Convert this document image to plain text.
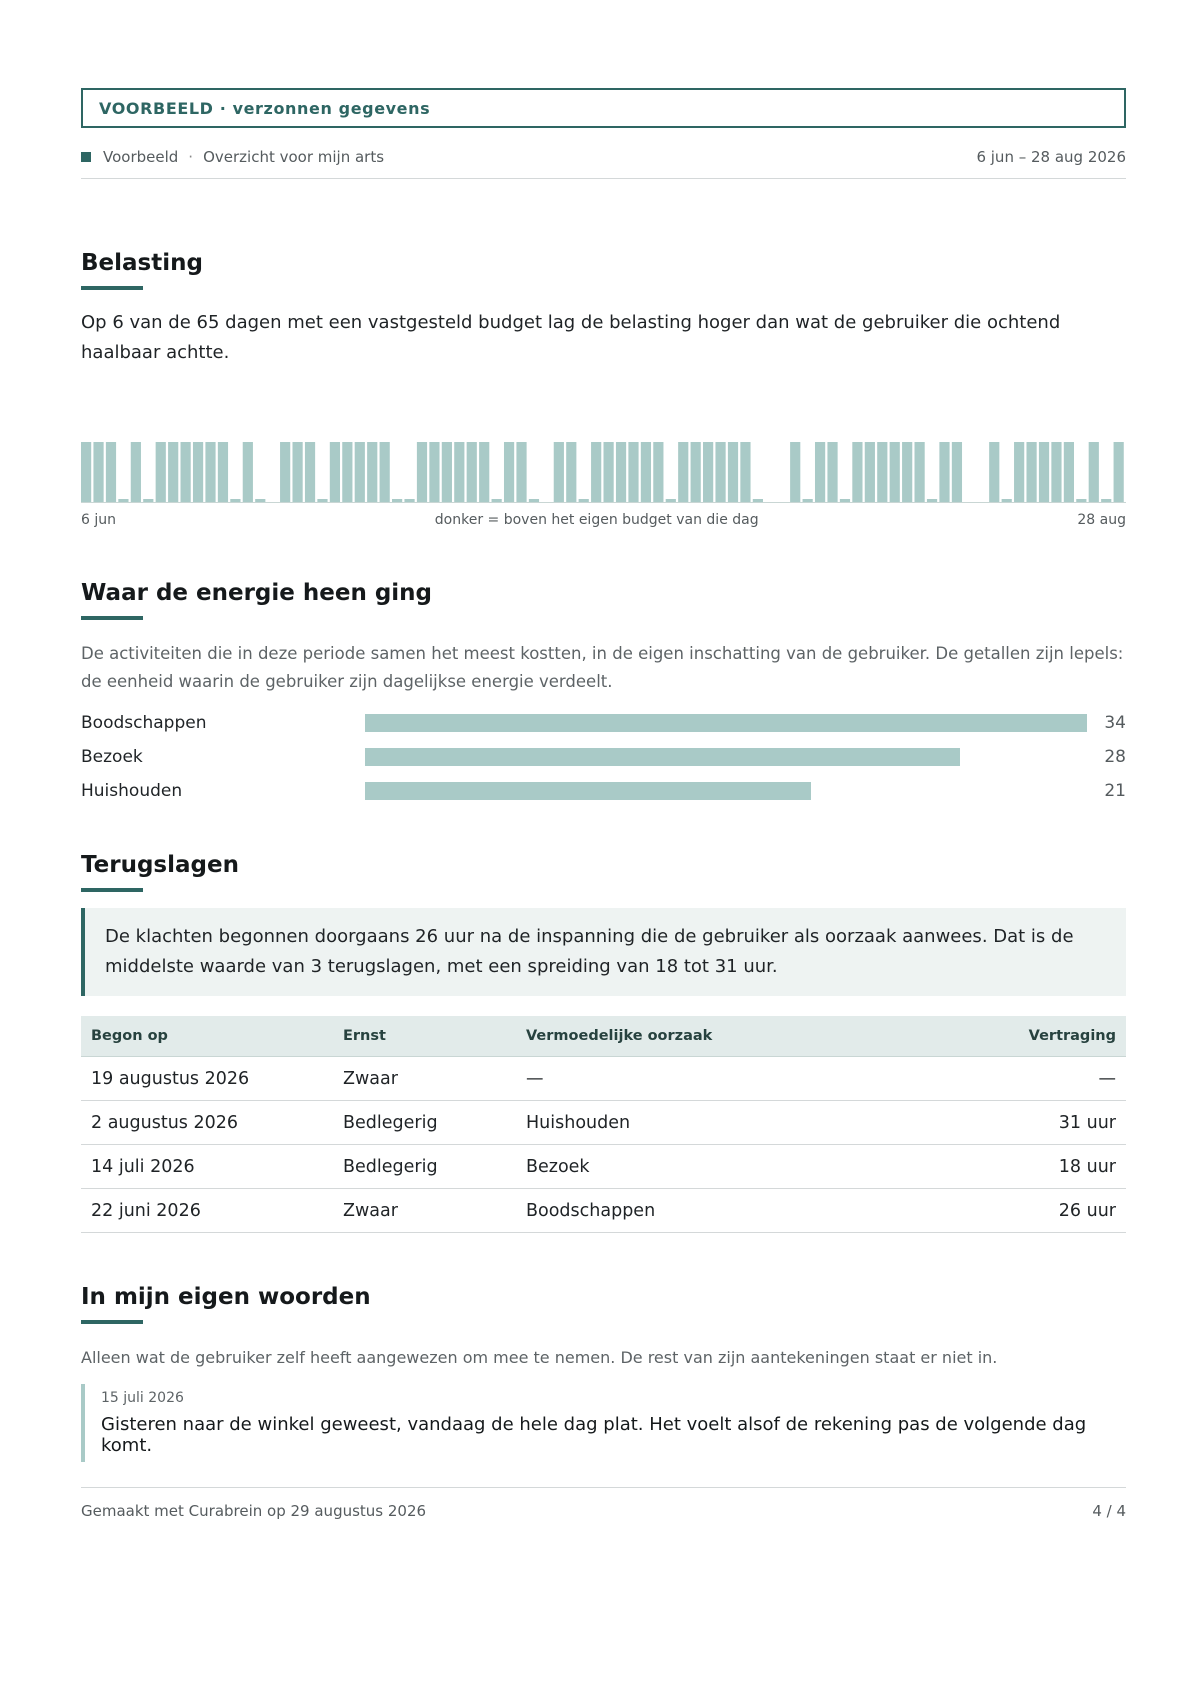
VOORBEELD · verzonnen gegevens
Voorbeeld · Overzicht voor mijn arts	6 jun – 28 aug 2026
Belasting
Op 6 van de 65 dagen met een vastgesteld budget lag de belasting hoger dan wat de gebruiker die ochtend haalbaar achtte.
6 jun	donker = boven het eigen budget van die dag	28 aug
Waar de energie heen ging
De activiteiten die in deze periode samen het meest kostten, in de eigen inschatting van de gebruiker. De getallen zijn lepels: de eenheid waarin de gebruiker zijn dagelijkse energie verdeelt.
Boodschappen	34
Bezoek	28
Huishouden	21
Terugslagen
De klachten begonnen doorgaans 26 uur na de inspanning die de gebruiker als oorzaak aanwees. Dat is de middelste waarde van 3 terugslagen, met een spreiding van 18 tot 31 uur.
Begon op	Ernst	Vermoedelijke oorzaak	Vertraging
19 augustus 2026	Zwaar	—	—
2 augustus 2026	Bedlegerig	Huishouden	31 uur
14 juli 2026	Bedlegerig	Bezoek	18 uur
22 juni 2026	Zwaar	Boodschappen	26 uur
In mijn eigen woorden
Alleen wat de gebruiker zelf heeft aangewezen om mee te nemen. De rest van zijn aantekeningen staat er niet in.
15 juli 2026
Gisteren naar de winkel geweest, vandaag de hele dag plat. Het voelt alsof de rekening pas de volgende dag komt.
Gemaakt met Curabrein op 29 augustus 2026	4 / 4
